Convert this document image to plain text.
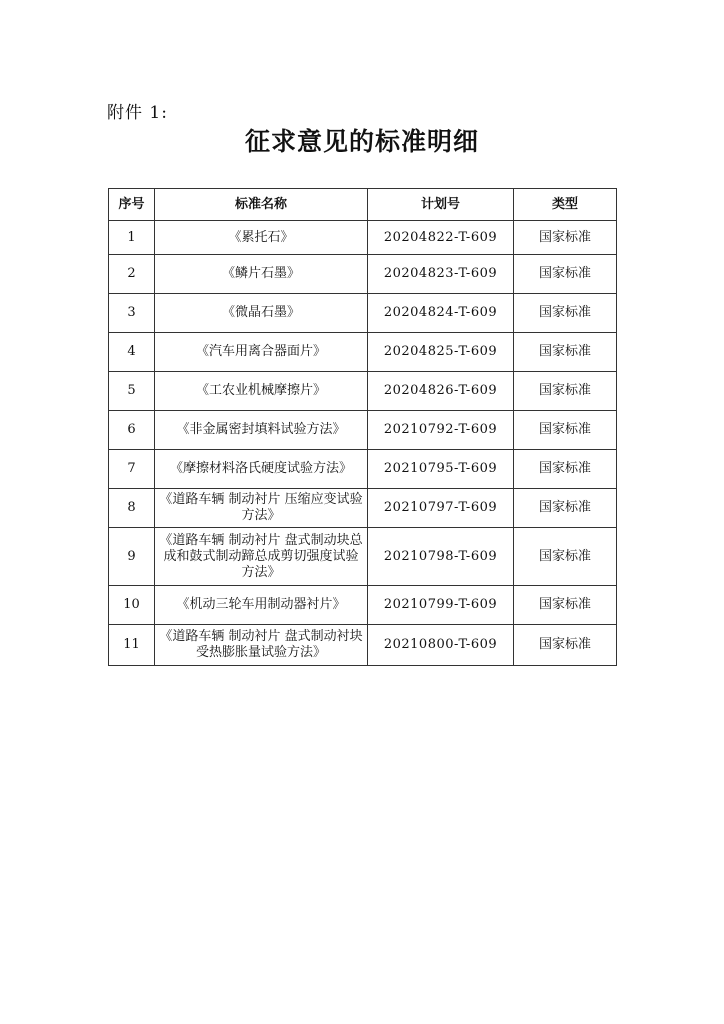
附件 1:
征求意见的标准明细
序号	标准名称	计划号	类型
1	《累托石》	20204822-T-609	国家标准
2	《鳞片石墨》	20204823-T-609	国家标准
3	《微晶石墨》	20204824-T-609	国家标准
4	《汽车用离合器面片》	20204825-T-609	国家标准
5	《工农业机械摩擦片》	20204826-T-609	国家标准
6	《非金属密封填料试验方法》	20210792-T-609	国家标准
7	《摩擦材料洛氏硬度试验方法》	20210795-T-609	国家标准
8	《道路车辆 制动衬片 压缩应变试验方法》	20210797-T-609	国家标准
9	《道路车辆 制动衬片 盘式制动块总成和鼓式制动蹄总成剪切强度试验方法》	20210798-T-609	国家标准
10	《机动三轮车用制动器衬片》	20210799-T-609	国家标准
11	《道路车辆 制动衬片 盘式制动衬块受热膨胀量试验方法》	20210800-T-609	国家标准
